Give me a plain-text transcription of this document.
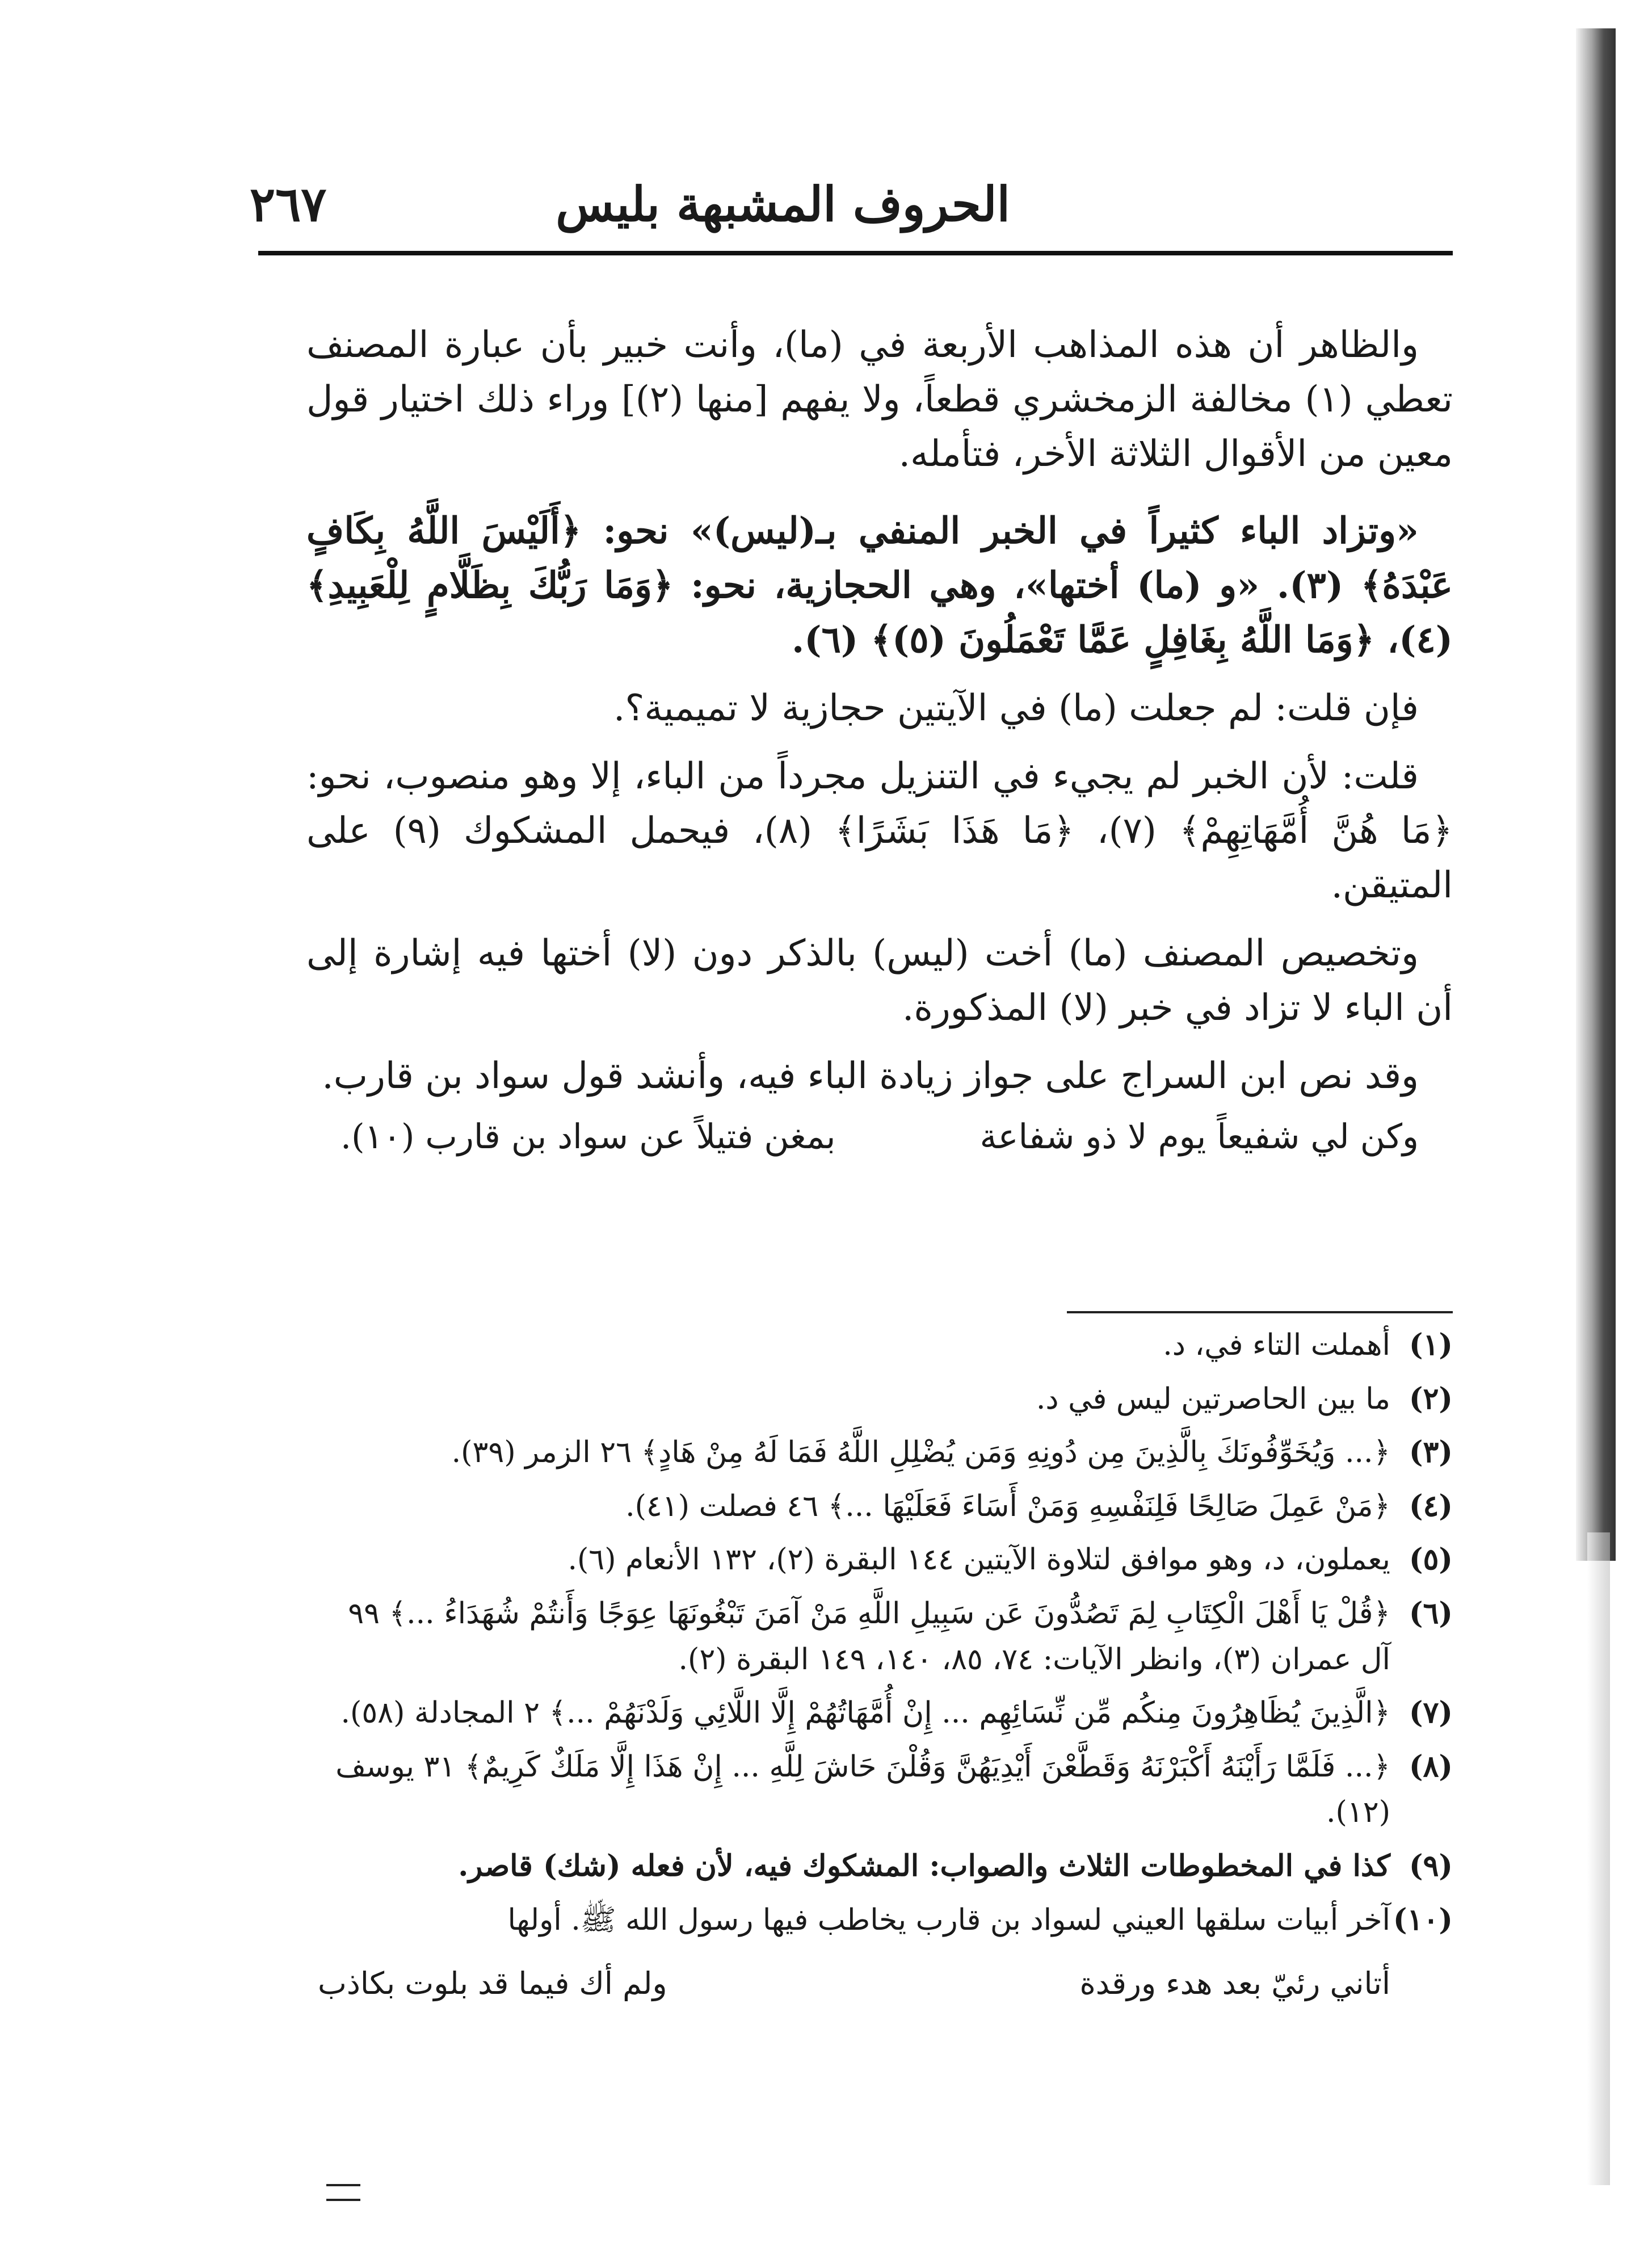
الحروف المشبهة بليس
٢٦٧

والظاهر أن هذه المذاهب الأربعة في (ما)، وأنت خبير بأن عبارة المصنف تعطي (١) مخالفة الزمخشري قطعاً، ولا يفهم [منها (٢)] وراء ذلك اختيار قول معين من الأقوال الثلاثة الأخر، فتأمله.

«وتزاد الباء كثيراً في الخبر المنفي بـ(ليس)» نحو: ﴿أَلَيْسَ اللَّهُ بِكَافٍ عَبْدَهُ﴾ (٣). «و (ما) أختها»، وهي الحجازية، نحو: ﴿وَمَا رَبُّكَ بِظَلَّامٍ لِلْعَبِيدِ﴾ (٤)، ﴿وَمَا اللَّهُ بِغَافِلٍ عَمَّا تَعْمَلُونَ (٥)﴾ (٦).

فإن قلت: لم جعلت (ما) في الآيتين حجازية لا تميمية؟.

قلت: لأن الخبر لم يجيء في التنزيل مجرداً من الباء، إلا وهو منصوب، نحو: ﴿مَا هُنَّ أُمَّهَاتِهِمْ﴾ (٧)، ﴿مَا هَذَا بَشَرًا﴾ (٨)، فيحمل المشكوك (٩) على المتيقن.

وتخصيص المصنف (ما) أخت (ليس) بالذكر دون (لا) أختها فيه إشارة إلى أن الباء لا تزاد في خبر (لا) المذكورة.

وقد نص ابن السراج على جواز زيادة الباء فيه، وأنشد قول سواد بن قارب.

وكن لي شفيعاً يوم لا ذو شفاعة
بمغن فتيلاً عن سواد بن قارب (١٠).
(١)
أهملت التاء في، د.
(٢)
ما بين الحاصرتين ليس في د.
(٣)
﴿... وَيُخَوِّفُونَكَ بِالَّذِينَ مِن دُونِهِ وَمَن يُضْلِلِ اللَّهُ فَمَا لَهُ مِنْ هَادٍ﴾ ٢٦ الزمر (٣٩).
(٤)
﴿مَنْ عَمِلَ صَالِحًا فَلِنَفْسِهِ وَمَنْ أَسَاءَ فَعَلَيْهَا ...﴾ ٤٦ فصلت (٤١).
(٥)
يعملون، د، وهو موافق لتلاوة الآيتين ١٤٤ البقرة (٢)، ١٣٢ الأنعام (٦).
(٦)
﴿قُلْ يَا أَهْلَ الْكِتَابِ لِمَ تَصُدُّونَ عَن سَبِيلِ اللَّهِ مَنْ آمَنَ تَبْغُونَهَا عِوَجًا وَأَنتُمْ شُهَدَاءُ ...﴾ ٩٩ آل عمران (٣)، وانظر الآيات: ٧٤، ٨٥، ١٤٠، ١٤٩ البقرة (٢).
(٧)
﴿الَّذِينَ يُظَاهِرُونَ مِنكُم مِّن نِّسَائِهِم ... إِنْ أُمَّهَاتُهُمْ إِلَّا اللَّائِي وَلَدْنَهُمْ ...﴾ ٢ المجادلة (٥٨).
(٨)
﴿... فَلَمَّا رَأَيْنَهُ أَكْبَرْنَهُ وَقَطَّعْنَ أَيْدِيَهُنَّ وَقُلْنَ حَاشَ لِلَّهِ ... إِنْ هَذَا إِلَّا مَلَكٌ كَرِيمٌ﴾ ٣١ يوسف (١٢).
(٩)
كذا في المخطوطات الثلاث والصواب: المشكوك فيه، لأن فعله (شك) قاصر.
(١٠)
آخر أبيات سلقها العيني لسواد بن قارب يخاطب فيها رسول الله ﷺ. أولها
أتاني رئيّ بعد هدء ورقدة
ولم أك فيما قد بلوت بكاذب
